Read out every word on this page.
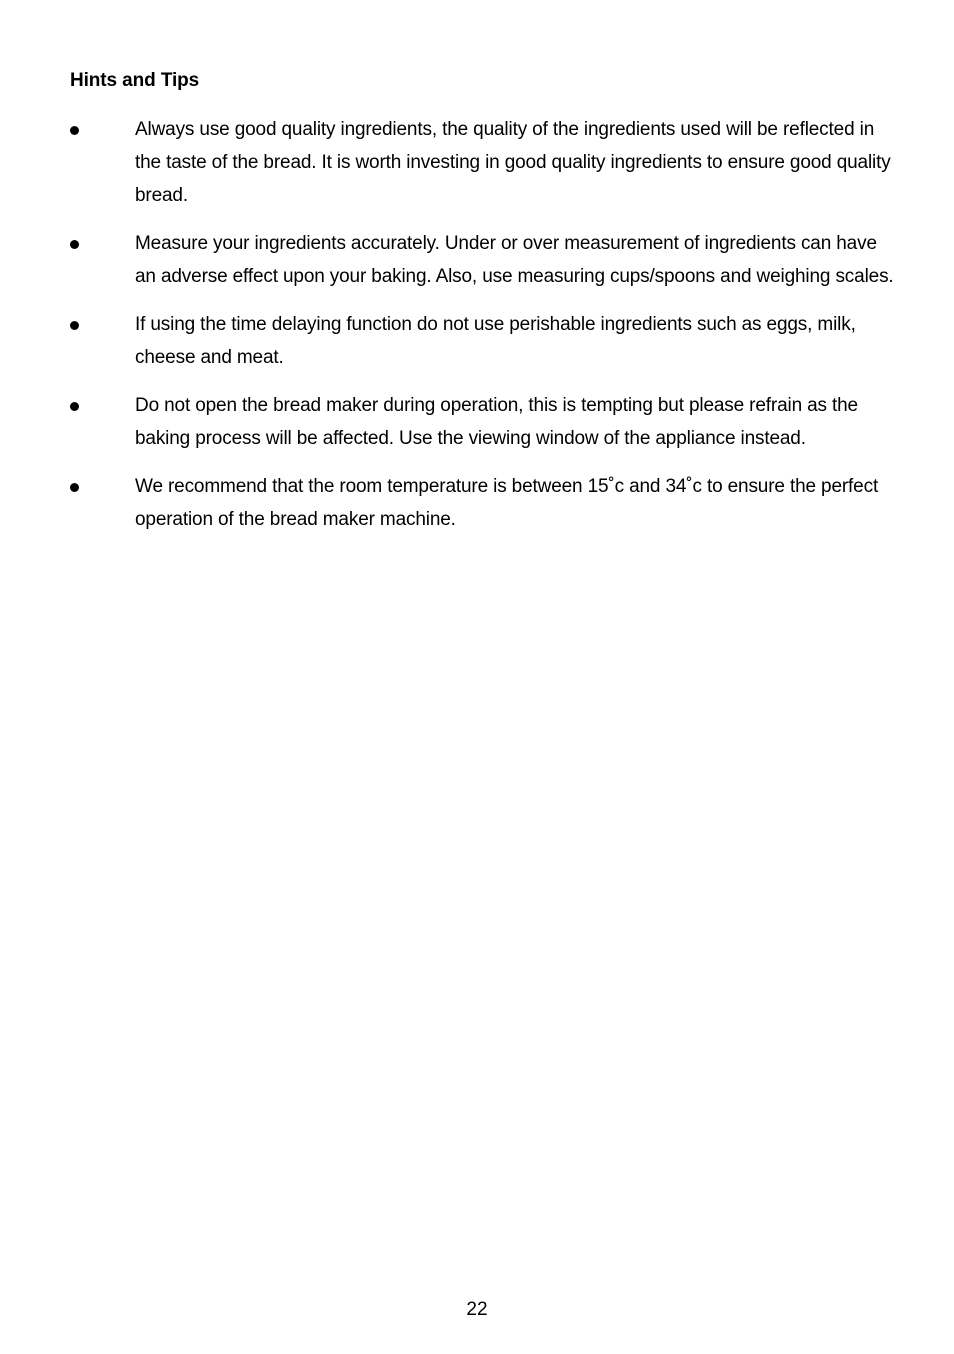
Hints and Tips
Always use good quality ingredients, the quality of the ingredients used will be reflected in the taste of the bread. It is worth investing in good quality ingredients to ensure good quality bread.
Measure your ingredients accurately. Under or over measurement of ingredients can have an adverse effect upon your baking. Also, use measuring cups/spoons and weighing scales.
If using the time delaying function do not use perishable ingredients such as eggs, milk, cheese and meat.
Do not open the bread maker during operation, this is tempting but please refrain as the baking process will be affected. Use the viewing window of the appliance instead.
We recommend that the room temperature is between 15˚c and 34˚c to ensure the perfect operation of the bread maker machine.
22
